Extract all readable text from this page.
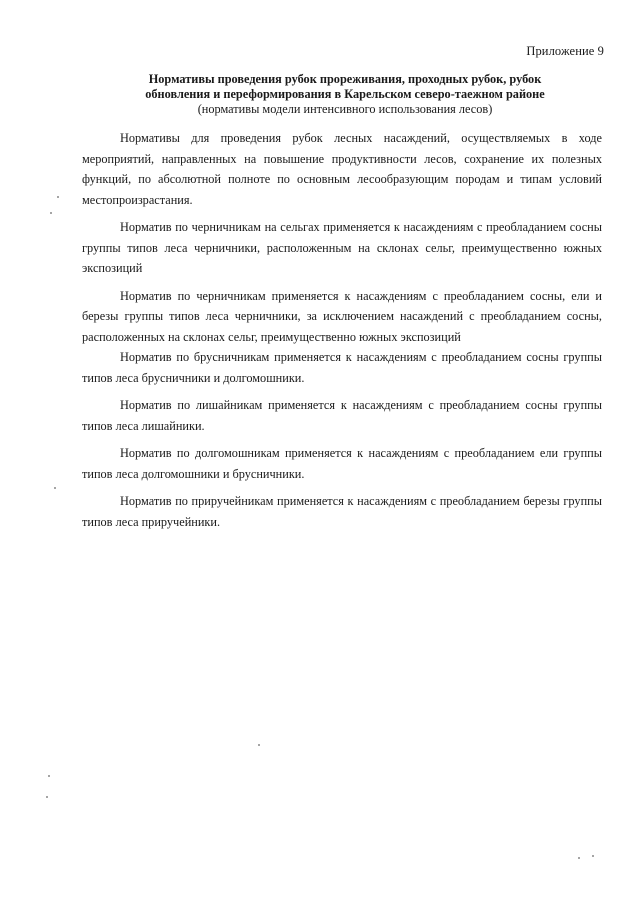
Приложение 9
Нормативы проведения рубок прореживания, проходных рубок, рубок
обновления и переформирования в Карельском северо-таежном районе
(нормативы модели интенсивного использования лесов)

Нормативы для проведения рубок лесных насаждений, осуществляемых в ходе мероприятий, направленных на повышение продуктивности лесов, сохранение их полезных функций, по абсолютной полноте по основным лесообразующим породам и типам условий местопроизрастания.

Норматив по черничникам на сельгах применяется к насаждениям с преобладанием сосны группы типов леса черничники, расположенным на склонах сельг, преимущественно южных экспозиций

Норматив по черничникам применяется к насаждениям с преобладанием сосны, ели и березы группы типов леса черничники, за исключением насаждений с преобладанием сосны, расположенных на склонах сельг, преимущественно южных экспозиций

Норматив по брусничникам применяется к насаждениям с преобладанием сосны группы типов леса брусничники и долгомошники.

Норматив по лишайникам применяется к насаждениям с преобладанием сосны группы типов леса лишайники.

Норматив по долгомошникам применяется к насаждениям с преобладанием ели группы типов леса долгомошники и брусничники.

Норматив по приручейникам применяется к насаждениям с преобладанием березы группы типов леса приручейники.
